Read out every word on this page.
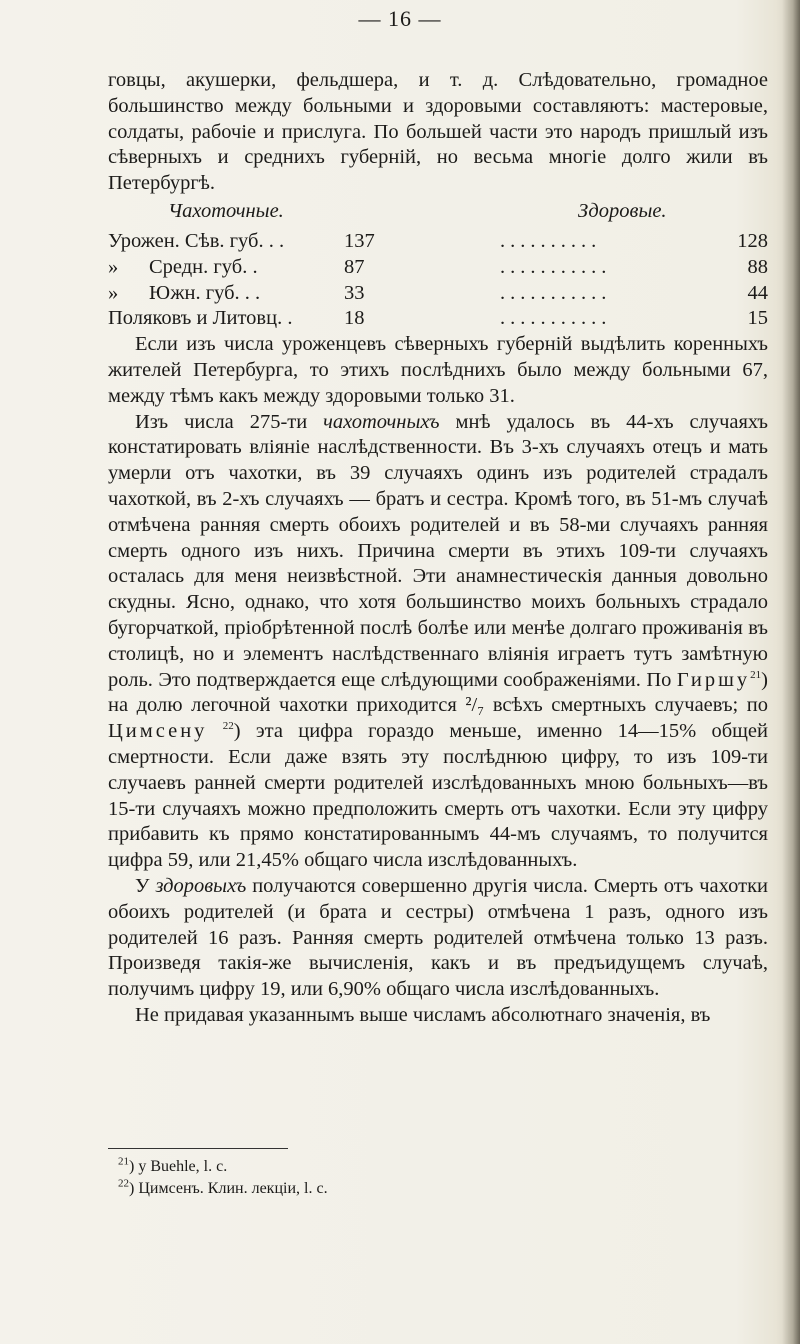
— 16 —

говцы, акушерки, фельдшера, и т. д. Слѣдовательно, громадное большинство между больными и здоровыми составляютъ: мастеровые, солдаты, рабочіе и прислуга. По большей части это народъ пришлый изъ сѣверныхъ и среднихъ губерній, но весьма многіе долго жили въ Петербургѣ.

Чахоточные.	Здоровые.
Урожен. Сѣв. губ. . .	137	..........	128
»      Средн. губ. .	87	...........	88
»      Южн. губ. . .	33	...........	44
Поляковъ и Литовц. .	18	...........	15

Если изъ числа уроженцевъ сѣверныхъ губерній выдѣлить коренныхъ жителей Петербурга, то этихъ послѣднихъ было между больными 67, между тѣмъ какъ между здоровыми только 31.

Изъ числа 275-ти чахоточныхъ мнѣ удалось въ 44-хъ случаяхъ констатировать вліяніе наслѣдственности. Въ 3-хъ случаяхъ отецъ и мать умерли отъ чахотки, въ 39 случаяхъ одинъ изъ родителей страдалъ чахоткой, въ 2-хъ случаяхъ — братъ и сестра. Кромѣ того, въ 51-мъ случаѣ отмѣчена ранняя смерть обоихъ родителей и въ 58-ми случаяхъ ранняя смерть одного изъ нихъ. Причина смерти въ этихъ 109-ти случаяхъ осталась для меня неизвѣстной. Эти анамнестическія данныя довольно скудны. Ясно, однако, что хотя большинство моихъ больныхъ страдало бугорчаткой, пріобрѣтенной послѣ болѣе или менѣе долгаго проживанія въ столицѣ, но и элементъ наслѣдственнаго вліянія играетъ тутъ замѣтную роль. Это подтверждается еще слѣдующими соображеніями. По Гиршу$^{21}$) на долю легочной чахотки приходится ²/₇ всѣхъ смертныхъ случаевъ; по Цимсену $^{22}$) эта цифра гораздо меньше, именно 14—15% общей смертности. Если даже взять эту послѣднюю цифру, то изъ 109-ти случаевъ ранней смерти родителей изслѣдованныхъ мною больныхъ—въ 15-ти случаяхъ можно предположить смерть отъ чахотки. Если эту цифру прибавить къ прямо констатированнымъ 44-мъ случаямъ, то получится цифра 59, или 21,45% общаго числа изслѣдованныхъ.

У здоровыхъ получаются совершенно другія числа. Смерть отъ чахотки обоихъ родителей (и брата и сестры) отмѣчена 1 разъ, одного изъ родителей 16 разъ. Ранняя смерть родителей отмѣчена только 13 разъ. Произведя такія-же вычисленія, какъ и въ предъидущемъ случаѣ, получимъ цифру 19, или 6,90% общаго числа изслѣдованныхъ.

Не придавая указаннымъ выше числамъ абсолютнаго значенія, въ

$^{21}$) y Buehle, l. c.
$^{22}$) Цимсенъ. Клин. лекціи, l. c.
